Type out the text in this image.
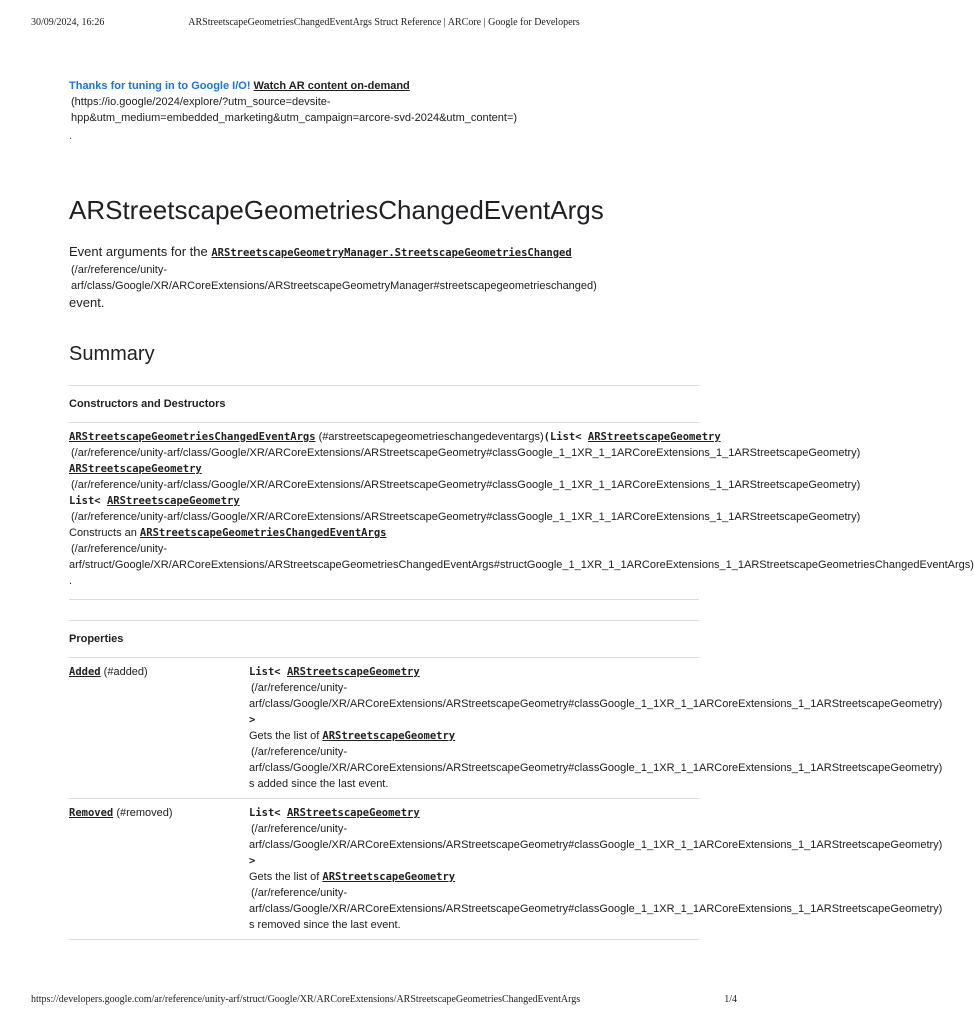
30/09/2024, 16:26	ARStreetscapeGeometriesChangedEventArgs Struct Reference | ARCore | Google for Developers
Thanks for tuning in to Google I/O! Watch AR content on-demand
(https://io.google/2024/explore/?utm_source=devsite-
hpp&utm_medium=embedded_marketing&utm_campaign=arcore-svd-2024&utm_content=)
.
ARStreetscapeGeometriesChangedEventArgs
Event arguments for the ARStreetscapeGeometryManager.StreetscapeGeometriesChanged
(/ar/reference/unity-
arf/class/Google/XR/ARCoreExtensions/ARStreetscapeGeometryManager#streetscapegeometrieschanged)
event.
Summary
Constructors and Destructors
ARStreetscapeGeometriesChangedEventArgs (#arstreetscapegeometrieschangedeventargs)(List< ARStreetscapeGeometry
(/ar/reference/unity-arf/class/Google/XR/ARCoreExtensions/ARStreetscapeGeometry#classGoogle_1_1XR_1_1ARCoreExtensions_1_1ARStreetscapeGeometry)
ARStreetscapeGeometry
(/ar/reference/unity-arf/class/Google/XR/ARCoreExtensions/ARStreetscapeGeometry#classGoogle_1_1XR_1_1ARCoreExtensions_1_1ARStreetscapeGeometry)
List< ARStreetscapeGeometry
(/ar/reference/unity-arf/class/Google/XR/ARCoreExtensions/ARStreetscapeGeometry#classGoogle_1_1XR_1_1ARCoreExtensions_1_1ARStreetscapeGeometry)
Constructs an ARStreetscapeGeometriesChangedEventArgs
(/ar/reference/unity-
arf/struct/Google/XR/ARCoreExtensions/ARStreetscapeGeometriesChangedEventArgs#structGoogle_1_1XR_1_1ARCoreExtensions_1_1ARStreetscapeGeometriesChangedEventArgs)
.
Properties
Added (#added)	List< ARStreetscapeGeometry
(/ar/reference/unity-
arf/class/Google/XR/ARCoreExtensions/ARStreetscapeGeometry#classGoogle_1_1XR_1_1ARCoreExtensions_1_1ARStreetscapeGeometry)
>
Gets the list of ARStreetscapeGeometry
(/ar/reference/unity-
arf/class/Google/XR/ARCoreExtensions/ARStreetscapeGeometry#classGoogle_1_1XR_1_1ARCoreExtensions_1_1ARStreetscapeGeometry)
s added since the last event.
Removed (#removed)	List< ARStreetscapeGeometry
(/ar/reference/unity-
arf/class/Google/XR/ARCoreExtensions/ARStreetscapeGeometry#classGoogle_1_1XR_1_1ARCoreExtensions_1_1ARStreetscapeGeometry)
>
Gets the list of ARStreetscapeGeometry
(/ar/reference/unity-
arf/class/Google/XR/ARCoreExtensions/ARStreetscapeGeometry#classGoogle_1_1XR_1_1ARCoreExtensions_1_1ARStreetscapeGeometry)
s removed since the last event.
https://developers.google.com/ar/reference/unity-arf/struct/Google/XR/ARCoreExtensions/ARStreetscapeGeometriesChangedEventArgs	1/4
